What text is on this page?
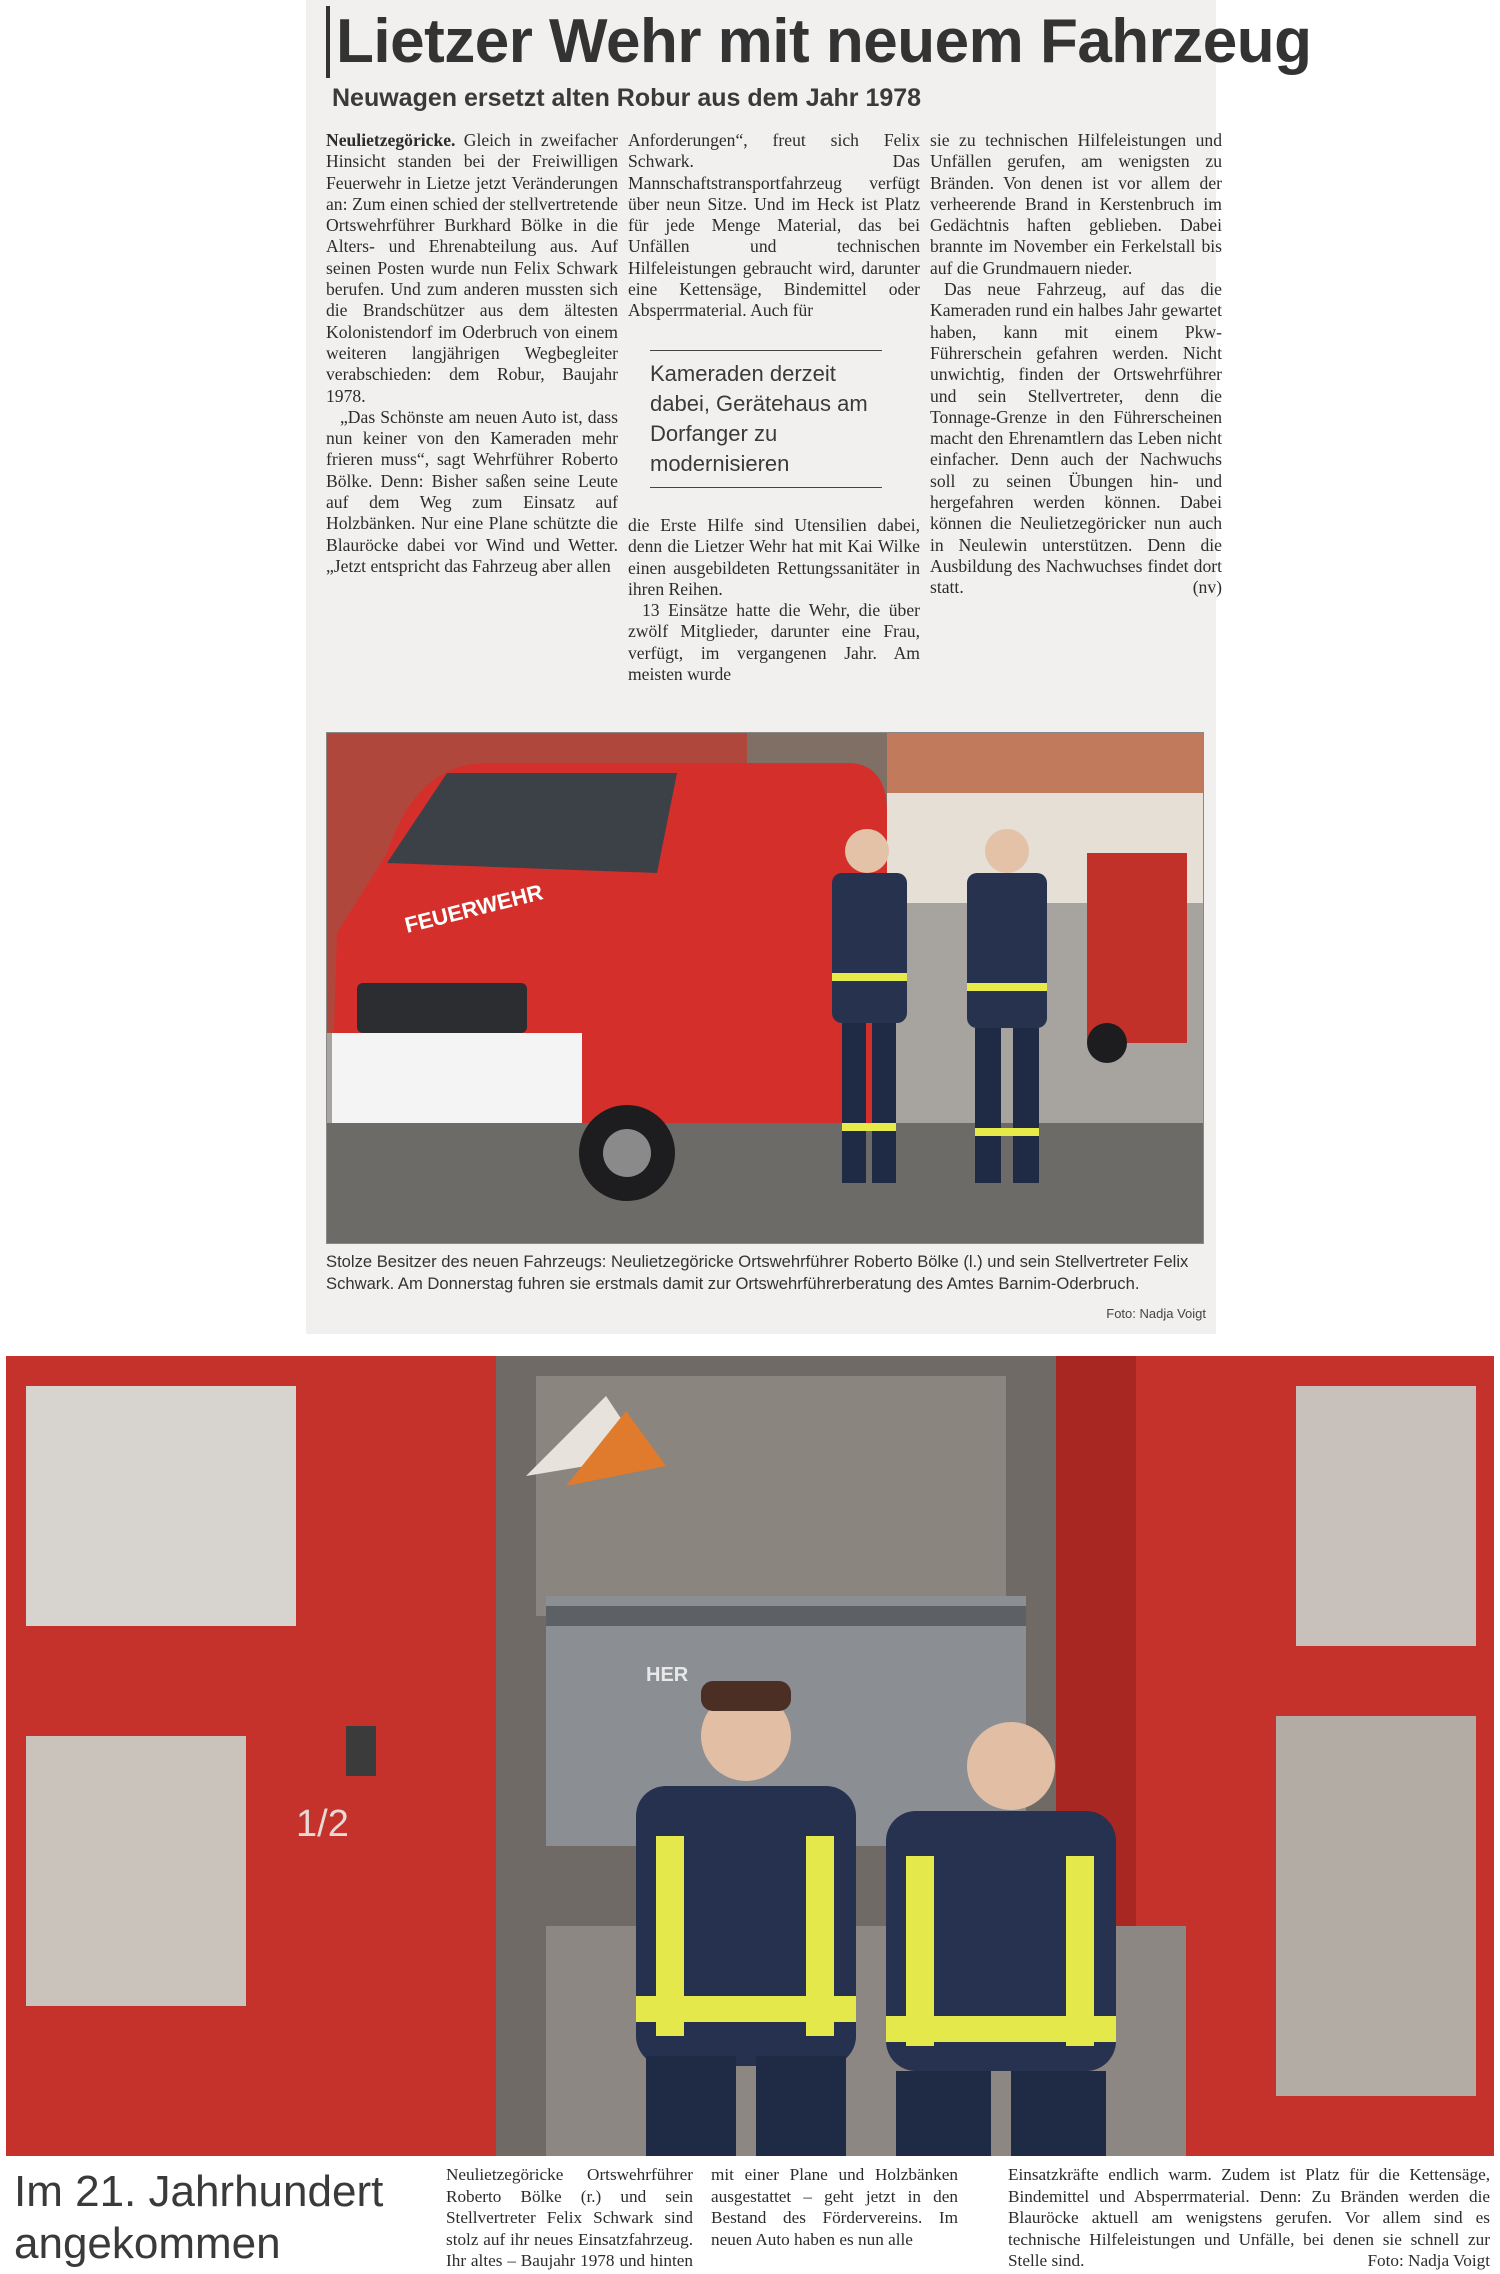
Lietzer Wehr mit neuem Fahrzeug
Neuwagen ersetzt alten Robur aus dem Jahr 1978

Neulietzegöricke. Gleich in zweifacher Hinsicht standen bei der Freiwilligen Feuerwehr in Lietze jetzt Veränderungen an: Zum einen schied der stellvertretende Ortswehrführer Burkhard Bölke in die Alters- und Ehrenabteilung aus. Auf seinen Posten wurde nun Felix Schwark berufen. Und zum anderen mussten sich die Brandschützer aus dem ältesten Kolonistendorf im Oderbruch von einem weiteren langjährigen Wegbegleiter verabschieden: dem Robur, Baujahr 1978.

„Das Schönste am neuen Auto ist, dass nun keiner von den Kameraden mehr frieren muss“, sagt Wehrführer Roberto Bölke. Denn: Bisher saßen seine Leute auf dem Weg zum Einsatz auf Holzbänken. Nur eine Plane schützte die Blauröcke dabei vor Wind und Wetter. „Jetzt entspricht das Fahrzeug aber allen

Anforderungen“, freut sich Felix Schwark. Das Mannschaftstransportfahrzeug verfügt über neun Sitze. Und im Heck ist Platz für jede Menge Material, das bei Unfällen und technischen Hilfeleistungen gebraucht wird, darunter eine Kettensäge, Bindemittel oder Absperrmaterial. Auch für

Kameraden derzeit dabei, Gerätehaus am Dorfanger zu modernisieren

die Erste Hilfe sind Utensilien dabei, denn die Lietzer Wehr hat mit Kai Wilke einen ausgebildeten Rettungssanitäter in ihren Reihen.

13 Einsätze hatte die Wehr, die über zwölf Mitglieder, darunter eine Frau, verfügt, im vergangenen Jahr. Am meisten wurde

sie zu technischen Hilfeleistungen und Unfällen gerufen, am wenigsten zu Bränden. Von denen ist vor allem der verheerende Brand in Kerstenbruch im Gedächtnis haften geblieben. Dabei brannte im November ein Ferkelstall bis auf die Grundmauern nieder.

Das neue Fahrzeug, auf das die Kameraden rund ein halbes Jahr gewartet haben, kann mit einem Pkw-Führerschein gefahren werden. Nicht unwichtig, finden der Ortswehrführer und sein Stellvertreter, denn die Tonnage-Grenze in den Führerscheinen macht den Ehrenamtlern das Leben nicht einfacher. Denn auch der Nachwuchs soll zu seinen Übungen hin- und hergefahren werden können. Dabei können die Neulietzegöricker nun auch in Neulewin unterstützen. Denn die Ausbildung des Nachwuchses findet dort statt.	(nv)

FEUERWEHR
Stolze Besitzer des neuen Fahrzeugs: Neulietzegöricke Ortswehrführer Roberto Bölke (l.) und sein Stellvertreter Felix Schwark. Am Donnerstag fuhren sie erstmals damit zur Ortswehrführerberatung des Amtes Barnim-Oderbruch.
Foto: Nadja Voigt
HER
1/2
Im 21. Jahrhundert angekommen
Neulietzegöricke Ortswehrführer Roberto Bölke (r.) und sein Stellvertreter Felix Schwark sind stolz auf ihr neues Einsatzfahrzeug. Ihr altes – Baujahr 1978 und hinten mit einer Plane und Holzbänken ausgestattet – geht jetzt in den Bestand des Fördervereins. Im neuen Auto haben es nun alle
Einsatzkräfte endlich warm. Zudem ist Platz für die Kettensäge, Bindemittel und Absperrmaterial. Denn: Zu Bränden werden die Blauröcke aktuell am wenigstens gerufen. Vor allem sind es technische Hilfeleistungen und Unfälle, bei denen sie schnell zur Stelle sind.	Foto: Nadja Voigt
